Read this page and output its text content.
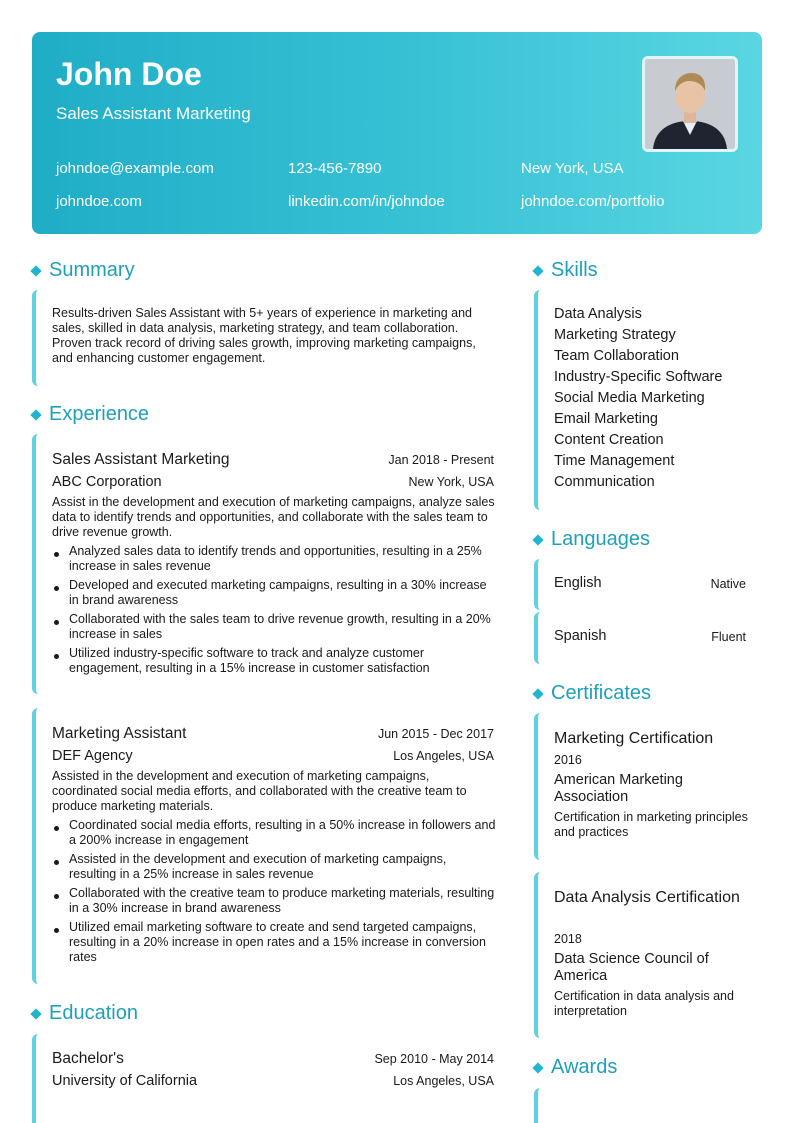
John Doe
Sales Assistant Marketing
johndoe@example.com	123-456-7890	New York, USA
johndoe.com	linkedin.com/in/johndoe	johndoe.com/portfolio
Summary
Results-driven Sales Assistant with 5+ years of experience in marketing and sales, skilled in data analysis, marketing strategy, and team collaboration. Proven track record of driving sales growth, improving marketing campaigns, and enhancing customer engagement.
Experience
Sales Assistant Marketing	Jan 2018 - Present
ABC Corporation	New York, USA
Assist in the development and execution of marketing campaigns, analyze sales data to identify trends and opportunities, and collaborate with the sales team to drive revenue growth.
Analyzed sales data to identify trends and opportunities, resulting in a 25% increase in sales revenue
Developed and executed marketing campaigns, resulting in a 30% increase in brand awareness
Collaborated with the sales team to drive revenue growth, resulting in a 20% increase in sales
Utilized industry-specific software to track and analyze customer engagement, resulting in a 15% increase in customer satisfaction
Marketing Assistant	Jun 2015 - Dec 2017
DEF Agency	Los Angeles, USA
Assisted in the development and execution of marketing campaigns, coordinated social media efforts, and collaborated with the creative team to produce marketing materials.
Coordinated social media efforts, resulting in a 50% increase in followers and a 200% increase in engagement
Assisted in the development and execution of marketing campaigns, resulting in a 25% increase in sales revenue
Collaborated with the creative team to produce marketing materials, resulting in a 30% increase in brand awareness
Utilized email marketing software to create and send targeted campaigns, resulting in a 20% increase in open rates and a 15% increase in conversion rates
Education
Bachelor's	Sep 2010 - May 2014
University of California	Los Angeles, USA
Skills
Data Analysis
Marketing Strategy
Team Collaboration
Industry-Specific Software
Social Media Marketing
Email Marketing
Content Creation
Time Management
Communication
Languages
English	Native
Spanish	Fluent
Certificates
Marketing Certification
2016
American Marketing Association
Certification in marketing principles and practices
Data Analysis Certification
2018
Data Science Council of America
Certification in data analysis and interpretation
Awards
